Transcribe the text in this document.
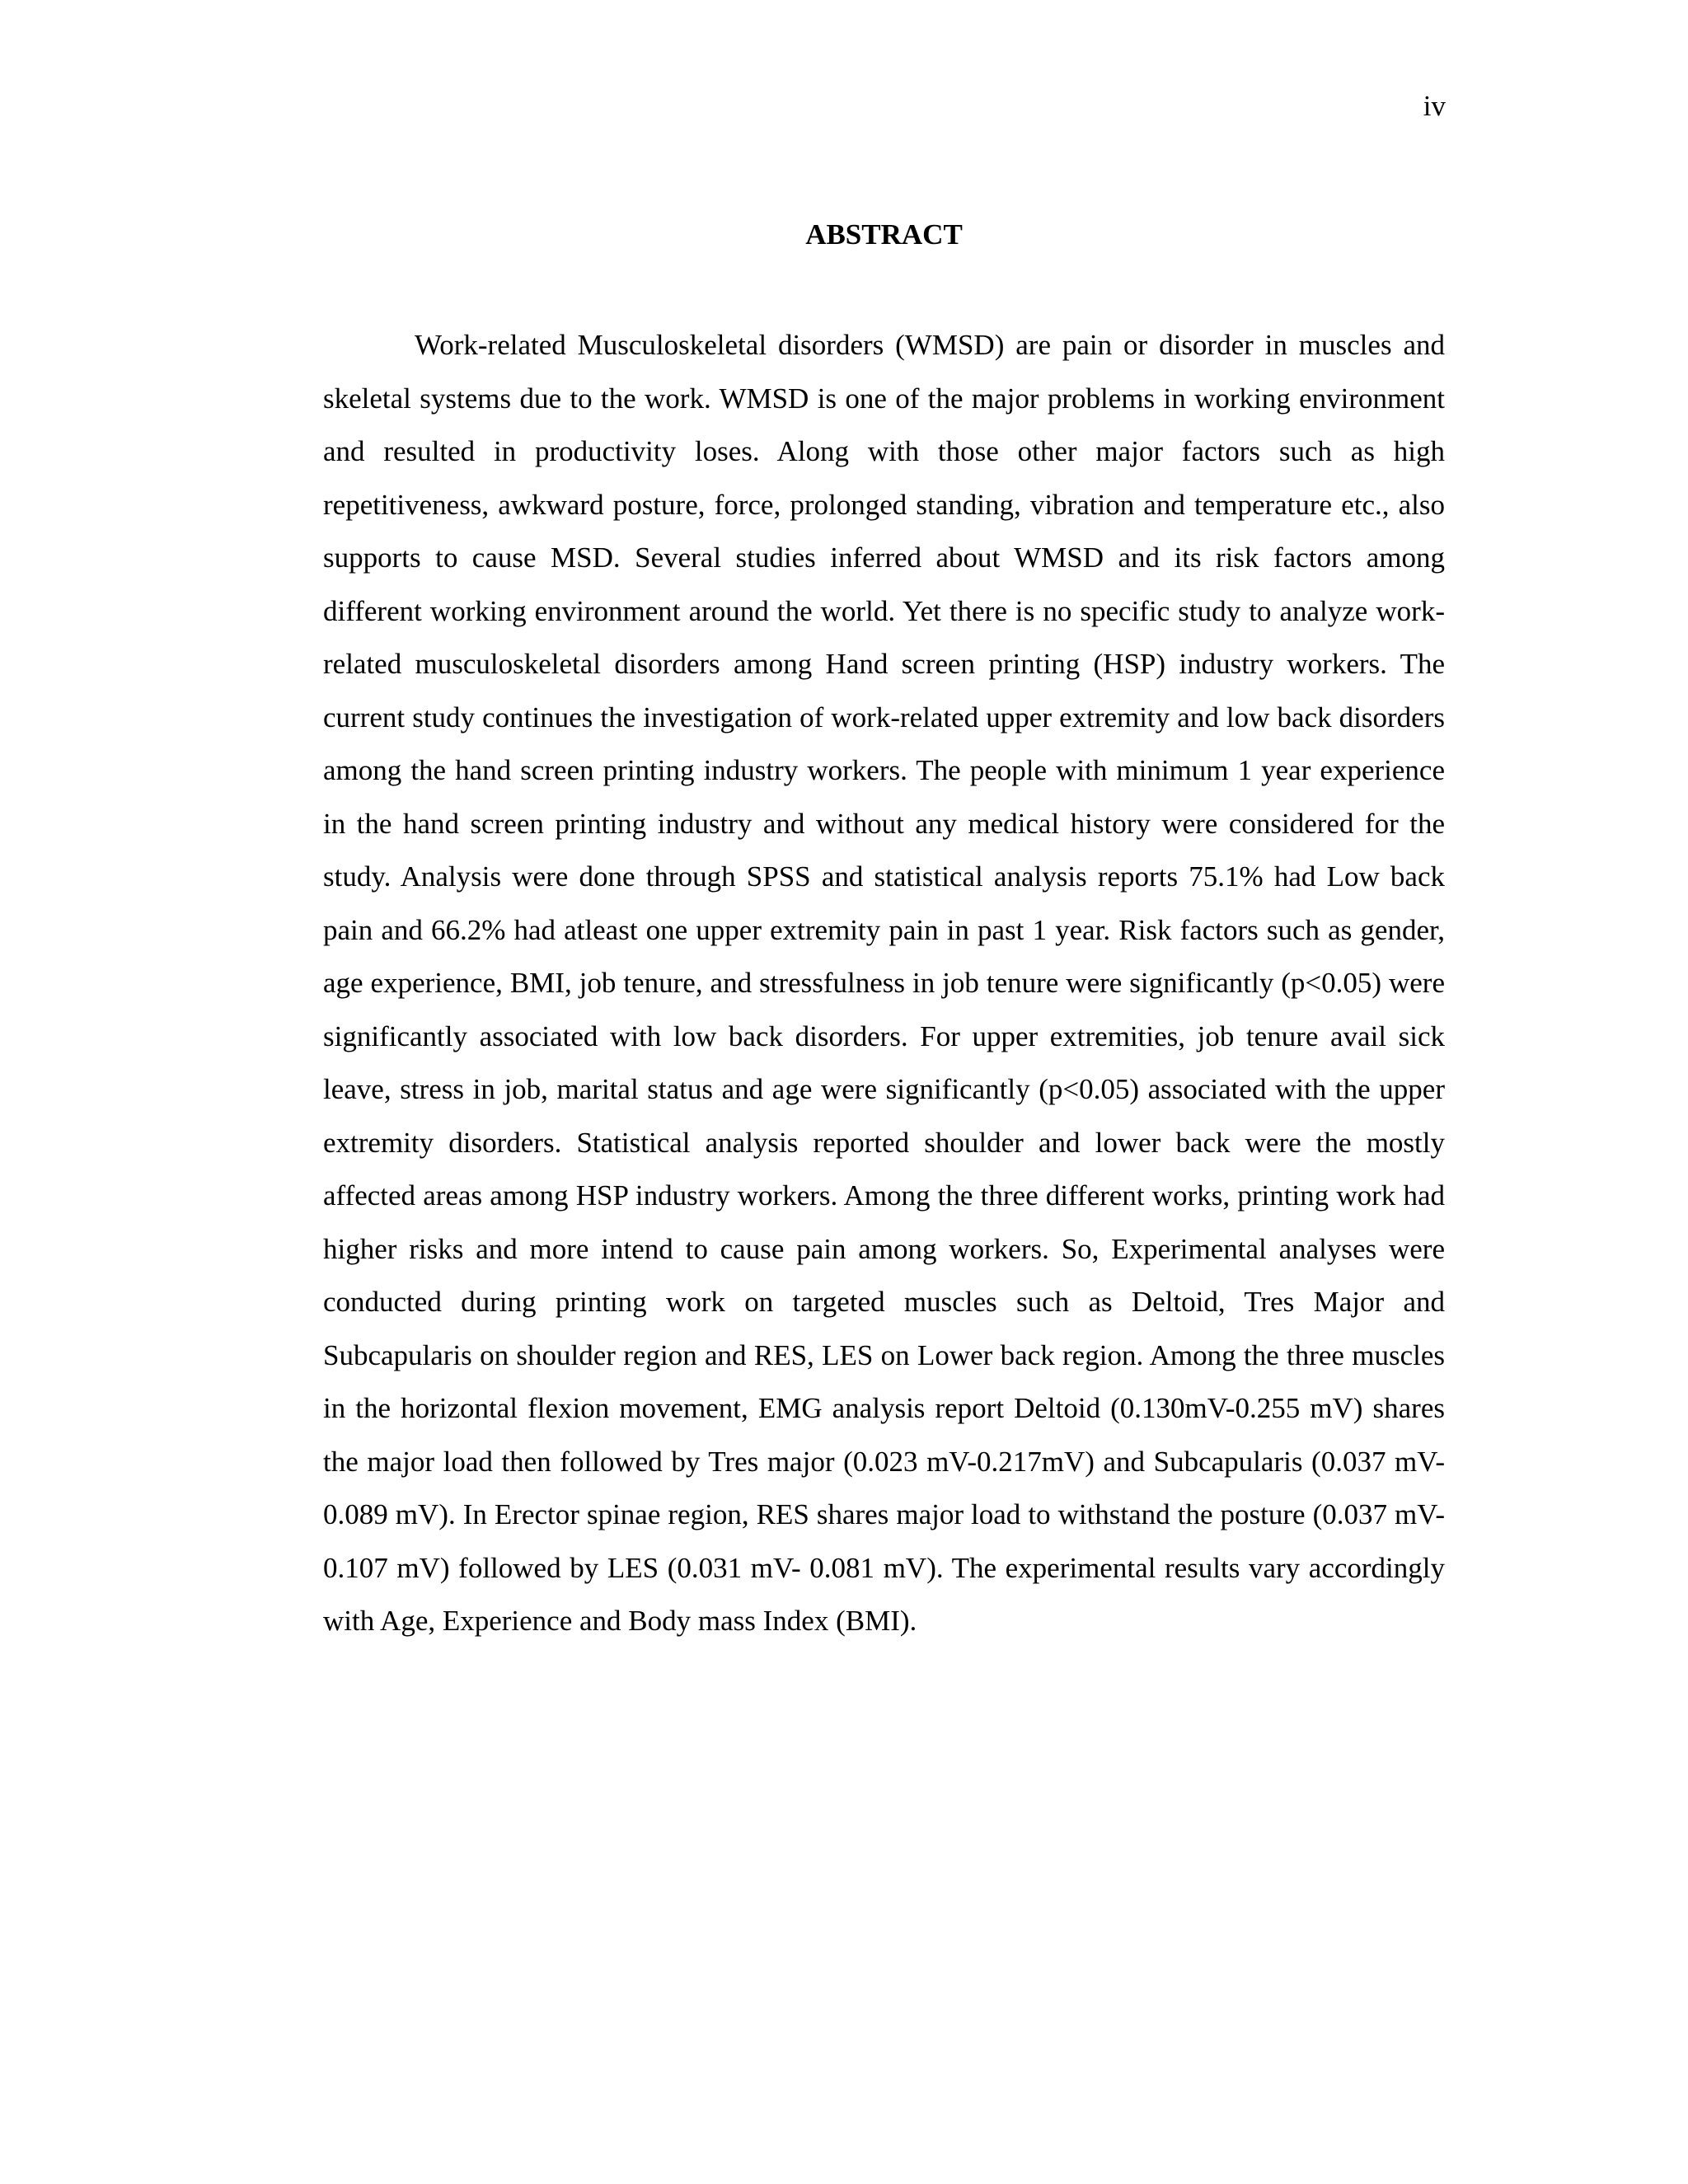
iv
ABSTRACT

Work-related Musculoskeletal disorders (WMSD) are pain or disorder in muscles and skeletal systems due to the work. WMSD is one of the major problems in working environment and resulted in productivity loses. Along with those other major factors such as high repetitiveness, awkward posture, force, prolonged standing, vibration and temperature etc., also supports to cause MSD. Several studies inferred about WMSD and its risk factors among different working environment around the world. Yet there is no specific study to analyze work-related musculoskeletal disorders among Hand screen printing (HSP) industry workers. The current study continues the investigation of work-related upper extremity and low back disorders among the hand screen printing industry workers. The people with minimum 1 year experience in the hand screen printing industry and without any medical history were considered for the study. Analysis were done through SPSS and statistical analysis reports 75.1% had Low back pain and 66.2% had atleast one upper extremity pain in past 1 year. Risk factors such as gender, age experience, BMI, job tenure, and stressfulness in job tenure were significantly (p<0.05) were significantly associated with low back disorders. For upper extremities, job tenure avail sick leave, stress in job, marital status and age were significantly (p<0.05) associated with the upper extremity disorders. Statistical analysis reported shoulder and lower back were the mostly affected areas among HSP industry workers. Among the three different works, printing work had higher risks and more intend to cause pain among workers. So, Experimental analyses were conducted during printing work on targeted muscles such as Deltoid, Tres Major and Subcapularis on shoulder region and RES, LES on Lower back region. Among the three muscles in the horizontal flexion movement, EMG analysis report Deltoid (0.130mV-0.255 mV) shares the major load then followed by Tres major (0.023 mV-0.217mV) and Subcapularis (0.037 mV-0.089 mV). In Erector spinae region, RES shares major load to withstand the posture (0.037 mV-0.107 mV) followed by LES (0.031 mV- 0.081 mV). The experimental results vary accordingly with Age, Experience and Body mass Index (BMI).
